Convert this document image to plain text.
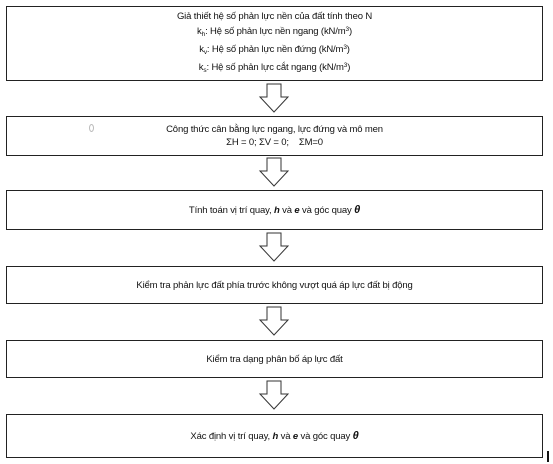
Giả thiết hệ số phản lực nền của đất tính theo N
$k_h$: Hệ số phản lực nền ngang $(kN/m^3)$
$k_v$: Hệ số phản lực nền đứng $(kN/m^3)$
$k_s$: Hệ số phản lực cắt ngang $(kN/m^3)$
Công thức cân bằng lực ngang, lực đứng và mô men
ΣH = 0; ΣV = 0;    ΣM=0
Tính toán vị trí quay, h và e và góc quay θ
Kiểm tra phản lực đất phía trước không vượt quá áp lực đất bị động
Kiểm tra dạng phân bố áp lực đất
Xác định vị trí quay, h và e và góc quay θ
